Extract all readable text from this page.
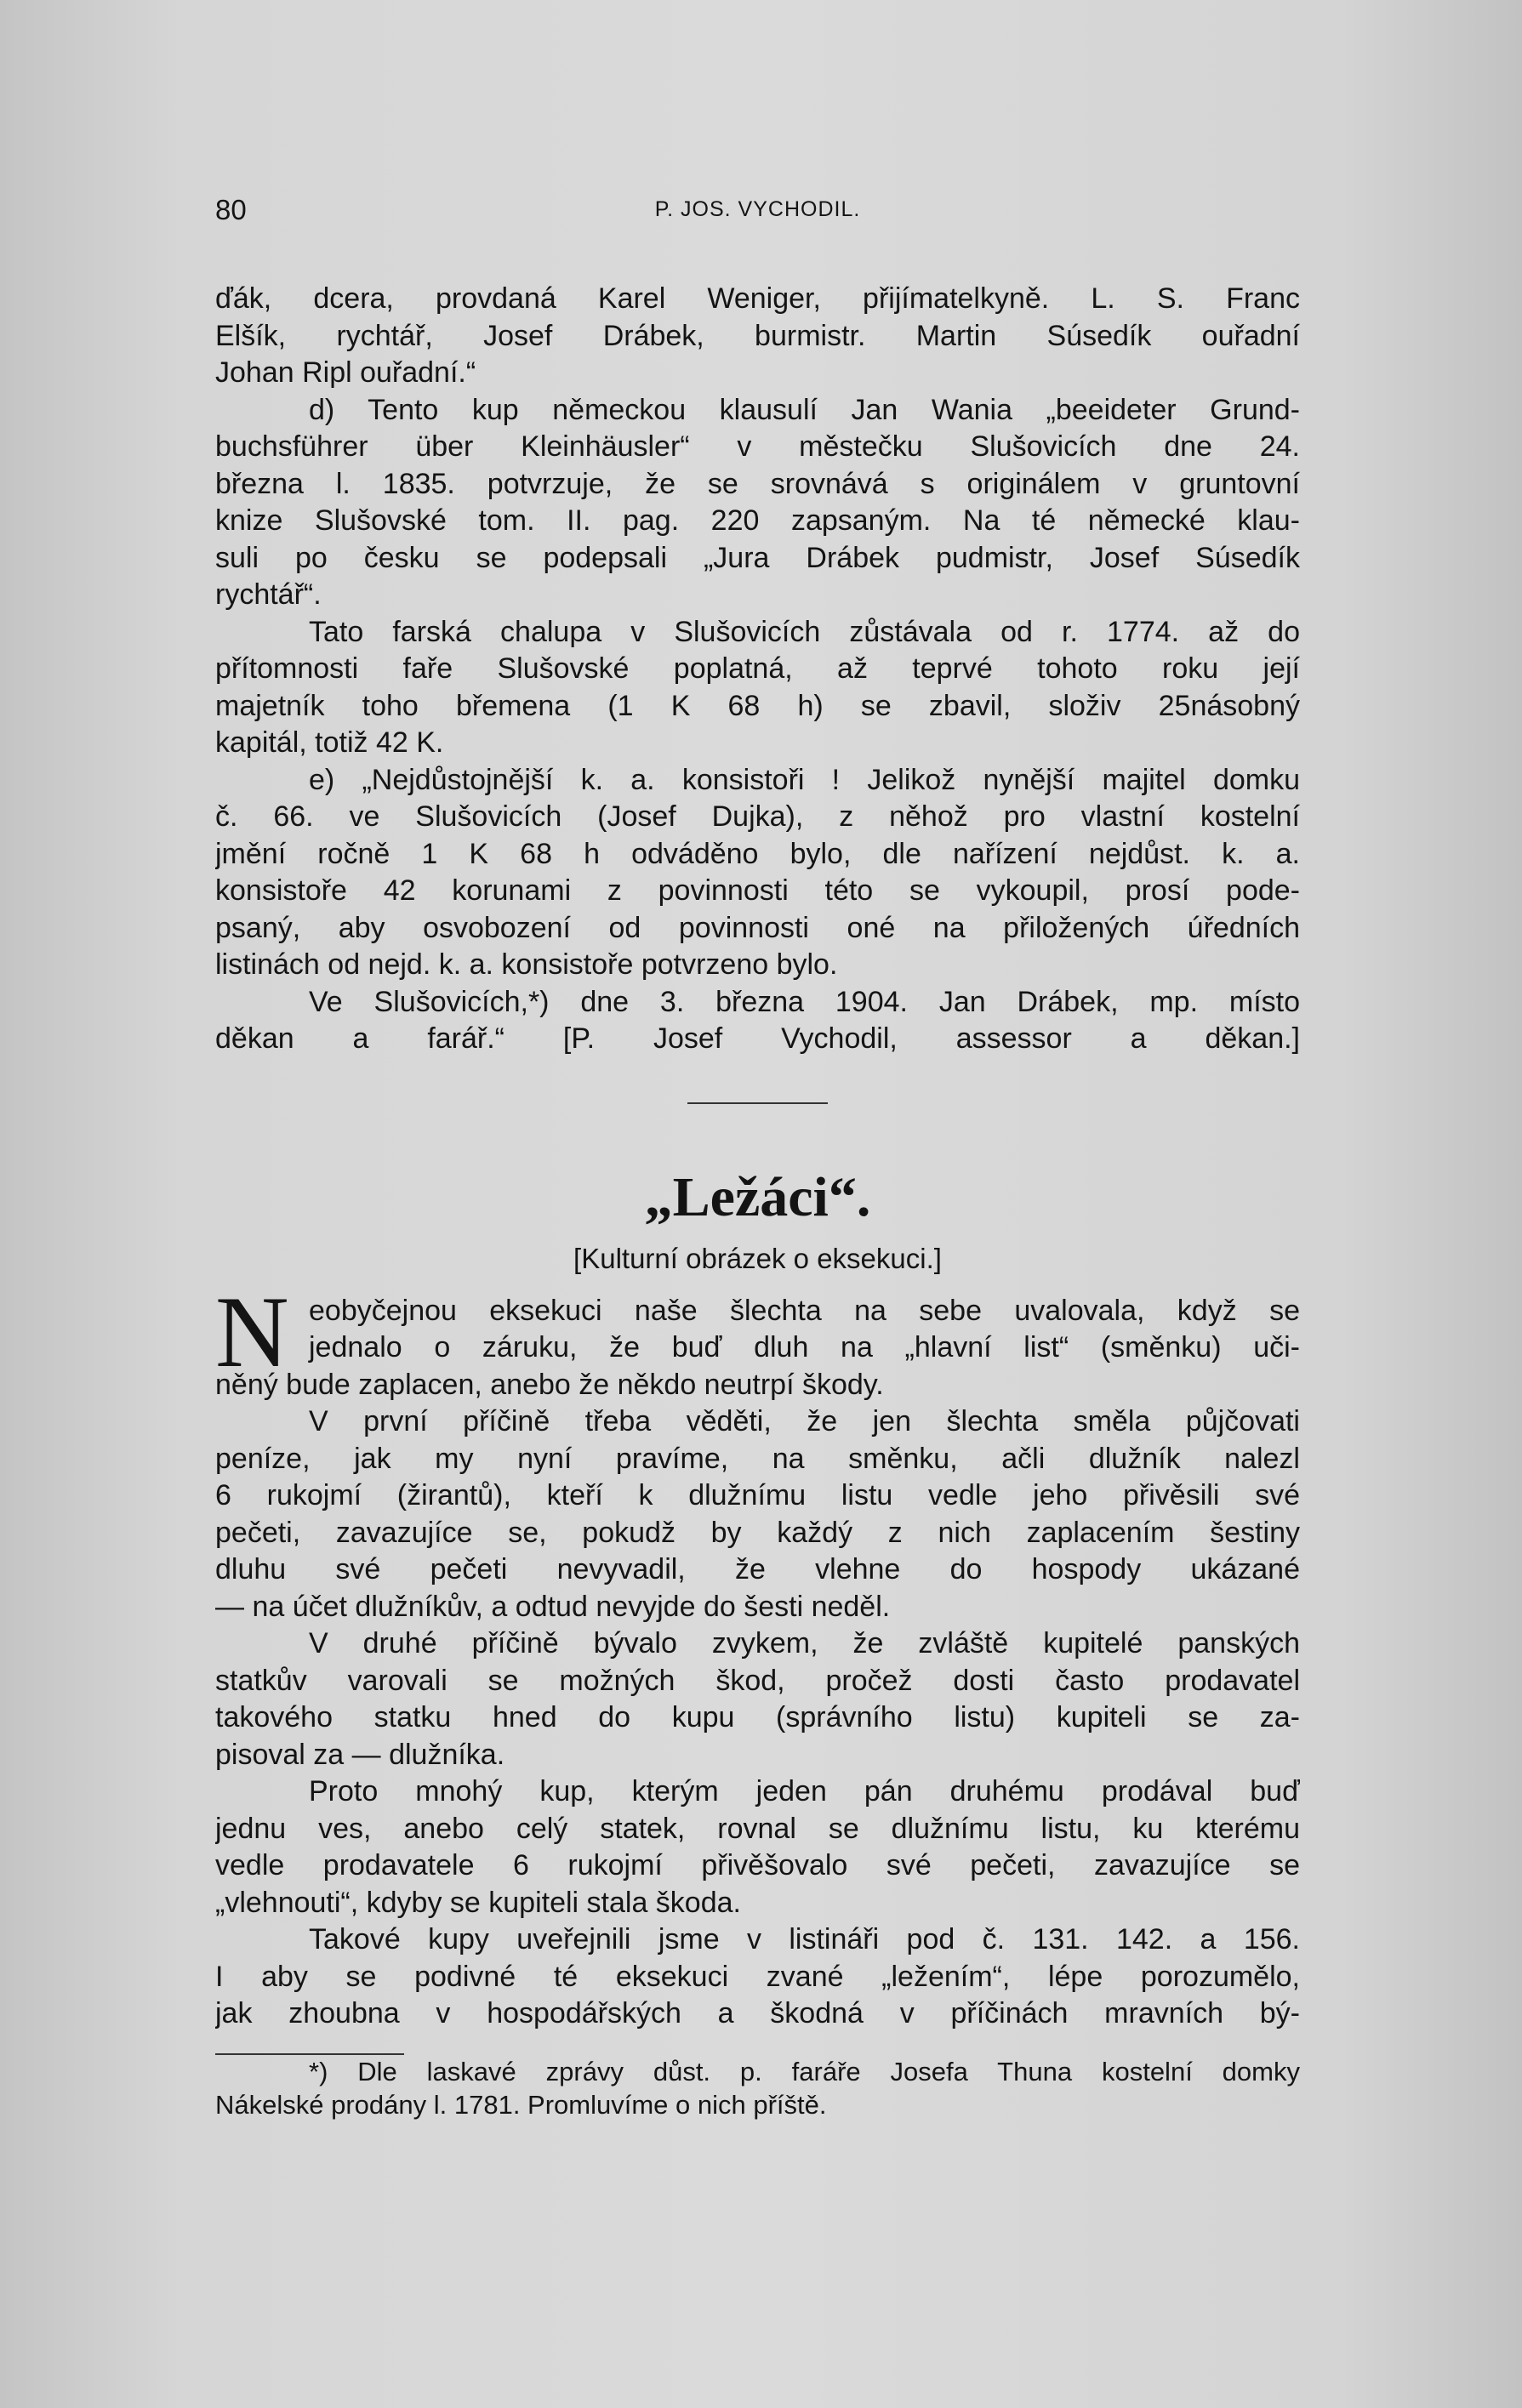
80	P. JOS. VYCHODIL.
ďák, dcera, provdaná Karel Weniger, přijímatelkyně. L. S. Franc
Elšík, rychtář, Josef Drábek, burmistr. Martin Súsedík ouřadní
Johan Ripl ouřadní.“
d) Tento kup německou klausulí Jan Wania „beeideter Grund-
buchsführer über Kleinhäusler“ v městečku Slušovicích dne 24.
března l. 1835. potvrzuje, že se srovnává s originálem v gruntovní
knize Slušovské tom. II. pag. 220 zapsaným. Na té německé klau-
suli po česku se podepsali „Jura Drábek pudmistr, Josef Súsedík
rychtář“.
Tato farská chalupa v Slušovicích zůstávala od r. 1774. až do
přítomnosti faře Slušovské poplatná, až teprvé tohoto roku její
majetník toho břemena (1 K 68 h) se zbavil, složiv 25násobný
kapitál, totiž 42 K.
e) „Nejdůstojnější k. a. konsistoři ! Jelikož nynější majitel domku
č. 66. ve Slušovicích (Josef Dujka), z něhož pro vlastní kostelní
jmění ročně 1 K 68 h odváděno bylo, dle nařízení nejdůst. k. a.
konsistoře 42 korunami z povinnosti této se vykoupil, prosí pode-
psaný, aby osvobození od povinnosti oné na přiložených úředních
listinách od nejd. k. a. konsistoře potvrzeno bylo.
Ve Slušovicích,*) dne 3. března 1904. Jan Drábek, mp. místo
děkan a farář.“ [P. Josef Vychodil, assessor a děkan.]
„Ležáci“.
[Kulturní obrázek o eksekuci.]
N eobyčejnou eksekuci naše šlechta na sebe uvalovala, když se
jednalo o záruku, že buď dluh na „hlavní list“ (směnku) uči-
něný bude zaplacen, anebo že někdo neutrpí škody.
V první příčině třeba věděti, že jen šlechta směla půjčovati
peníze, jak my nyní pravíme, na směnku, ačli dlužník nalezl
6 rukojmí (žirantů), kteří k dlužnímu listu vedle jeho přivěsili své
pečeti, zavazujíce se, pokudž by každý z nich zaplacením šestiny
dluhu své pečeti nevyvadil, že vlehne do hospody ukázané
— na účet dlužníkův, a odtud nevyjde do šesti neděl.
V druhé příčině bývalo zvykem, že zvláště kupitelé panských
statkův varovali se možných škod, pročež dosti často prodavatel
takového statku hned do kupu (správního listu) kupiteli se za-
pisoval za — dlužníka.
Proto mnohý kup, kterým jeden pán druhému prodával buď
jednu ves, anebo celý statek, rovnal se dlužnímu listu, ku kterému
vedle prodavatele 6 rukojmí přivěšovalo své pečeti, zavazujíce se
„vlehnouti“, kdyby se kupiteli stala škoda.
Takové kupy uveřejnili jsme v listináři pod č. 131. 142. a 156.
I aby se podivné té eksekuci zvané „ležením“, lépe porozumělo,
jak zhoubna v hospodářských a škodná v příčinách mravních bý-
*) Dle laskavé zprávy důst. p. faráře Josefa Thuna kostelní domky
Nákelské prodány l. 1781. Promluvíme o nich příště.
